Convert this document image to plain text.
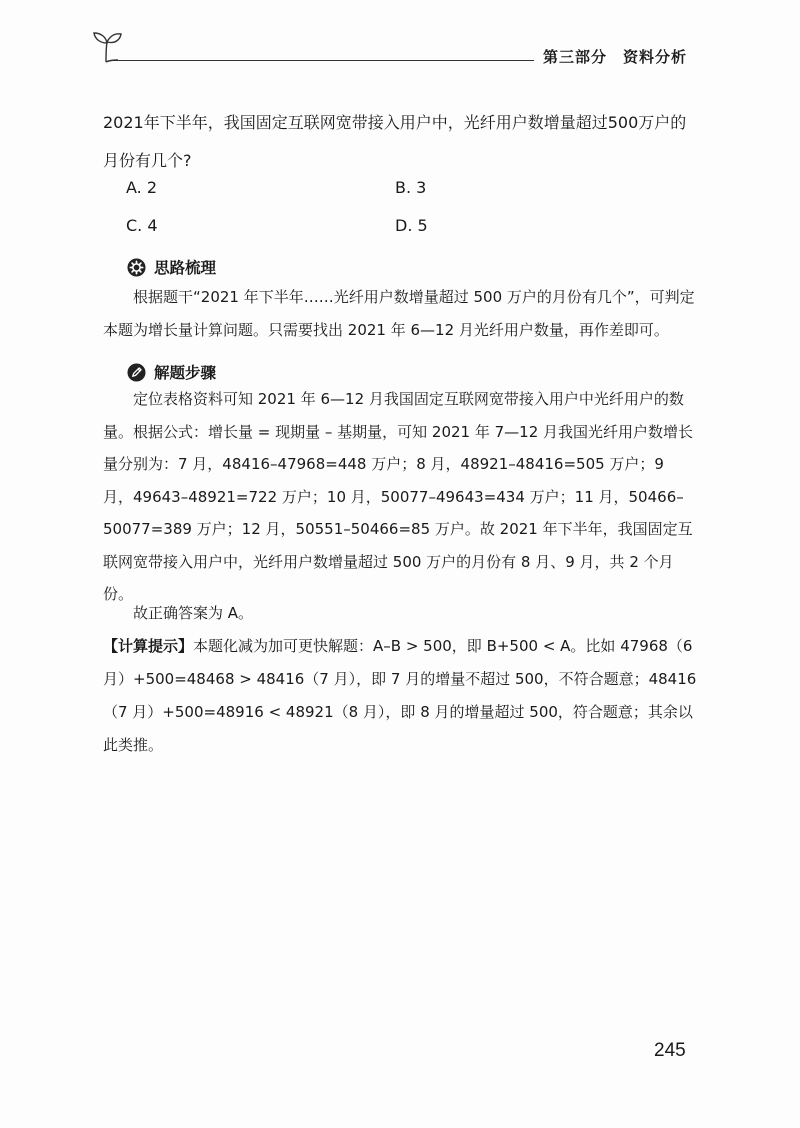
第三部分　资料分析
2021年下半年，我国固定互联网宽带接入用户中，光纤用户数增量超过500万户的月份有几个?
A. 2	B. 3
C. 4	D. 5
思路梳理

根据题干“2021 年下半年……光纤用户数增量超过 500 万户的月份有几个”，可判定本题为增长量计算问题。只需要找出 2021 年 6—12 月光纤用户数量，再作差即可。

解题步骤

定位表格资料可知 2021 年 6—12 月我国固定互联网宽带接入用户中光纤用户的数量。根据公式：增长量 = 现期量 – 基期量，可知 2021 年 7—12 月我国光纤用户数增长量分别为：7 月，48416–47968=448 万户；8 月，48921–48416=505 万户；9 月，49643–48921=722 万户；10 月，50077–49643=434 万户；11 月，50466–50077=389 万户；12 月，50551–50466=85 万户。故 2021 年下半年，我国固定互联网宽带接入用户中，光纤用户数增量超过 500 万户的月份有 8 月、9 月，共 2 个月份。

故正确答案为 A。

【计算提示】本题化减为加可更快解题：A–B > 500，即 B+500 < A。比如 47968（6 月）+500=48468 > 48416（7 月），即 7 月的增量不超过 500，不符合题意；48416（7 月）+500=48916 < 48921（8 月），即 8 月的增量超过 500，符合题意；其余以此类推。

245
